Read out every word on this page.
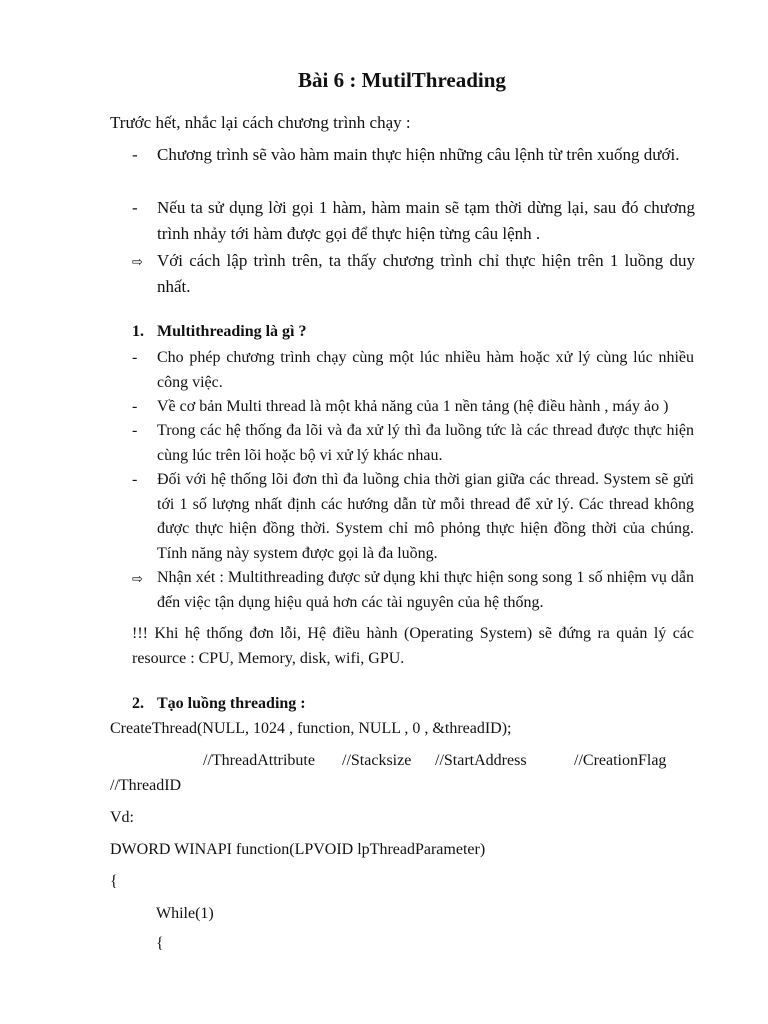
Bài 6 : MutilThreading
Trước hết, nhắc lại cách chương trình chạy :
- Chương trình sẽ vào hàm main thực hiện những câu lệnh từ trên xuống dưới.
- Nếu ta sử dụng lời gọi 1 hàm, hàm main sẽ tạm thời dừng lại, sau đó chương trình nhảy tới hàm được gọi để thực hiện từng câu lệnh .
⇨ Với cách lập trình trên, ta thấy chương trình chỉ thực hiện trên 1 luồng duy nhất.
1. Multithreading là gì ?
- Cho phép chương trình chạy cùng một lúc nhiều hàm hoặc xử lý cùng lúc nhiều công việc.
- Về cơ bản Multi thread là một khả năng của 1 nền tảng (hệ điều hành , máy ảo )
- Trong các hệ thống đa lõi và đa xử lý thì đa luồng tức là các thread được thực hiện cùng lúc trên lõi hoặc bộ vi xử lý khác nhau.
- Đối với hệ thống lõi đơn thì đa luồng chia thời gian giữa các thread. System sẽ gửi tới 1 số lượng nhất định các hướng dẫn từ mỗi thread để xử lý. Các thread không được thực hiện đồng thời. System chỉ mô phỏng thực hiện đồng thời của chúng. Tính năng này system được gọi là đa luồng.
⇨ Nhận xét : Multithreading được sử dụng khi thực hiện song song 1 số nhiệm vụ dẫn đến việc tận dụng hiệu quả hơn các tài nguyên của hệ thống.
!!! Khi hệ thống đơn lỗi, Hệ điều hành (Operating System) sẽ đứng ra quản lý các resource : CPU, Memory, disk, wifi, GPU.
2. Tạo luồng threading :
CreateThread(NULL, 1024 , function, NULL , 0 , &threadID);
//ThreadAttribute //Stacksize //StartAddress	//CreationFlag
//ThreadID
Vd:
DWORD WINAPI function(LPVOID lpThreadParameter)
{
While(1)
{
